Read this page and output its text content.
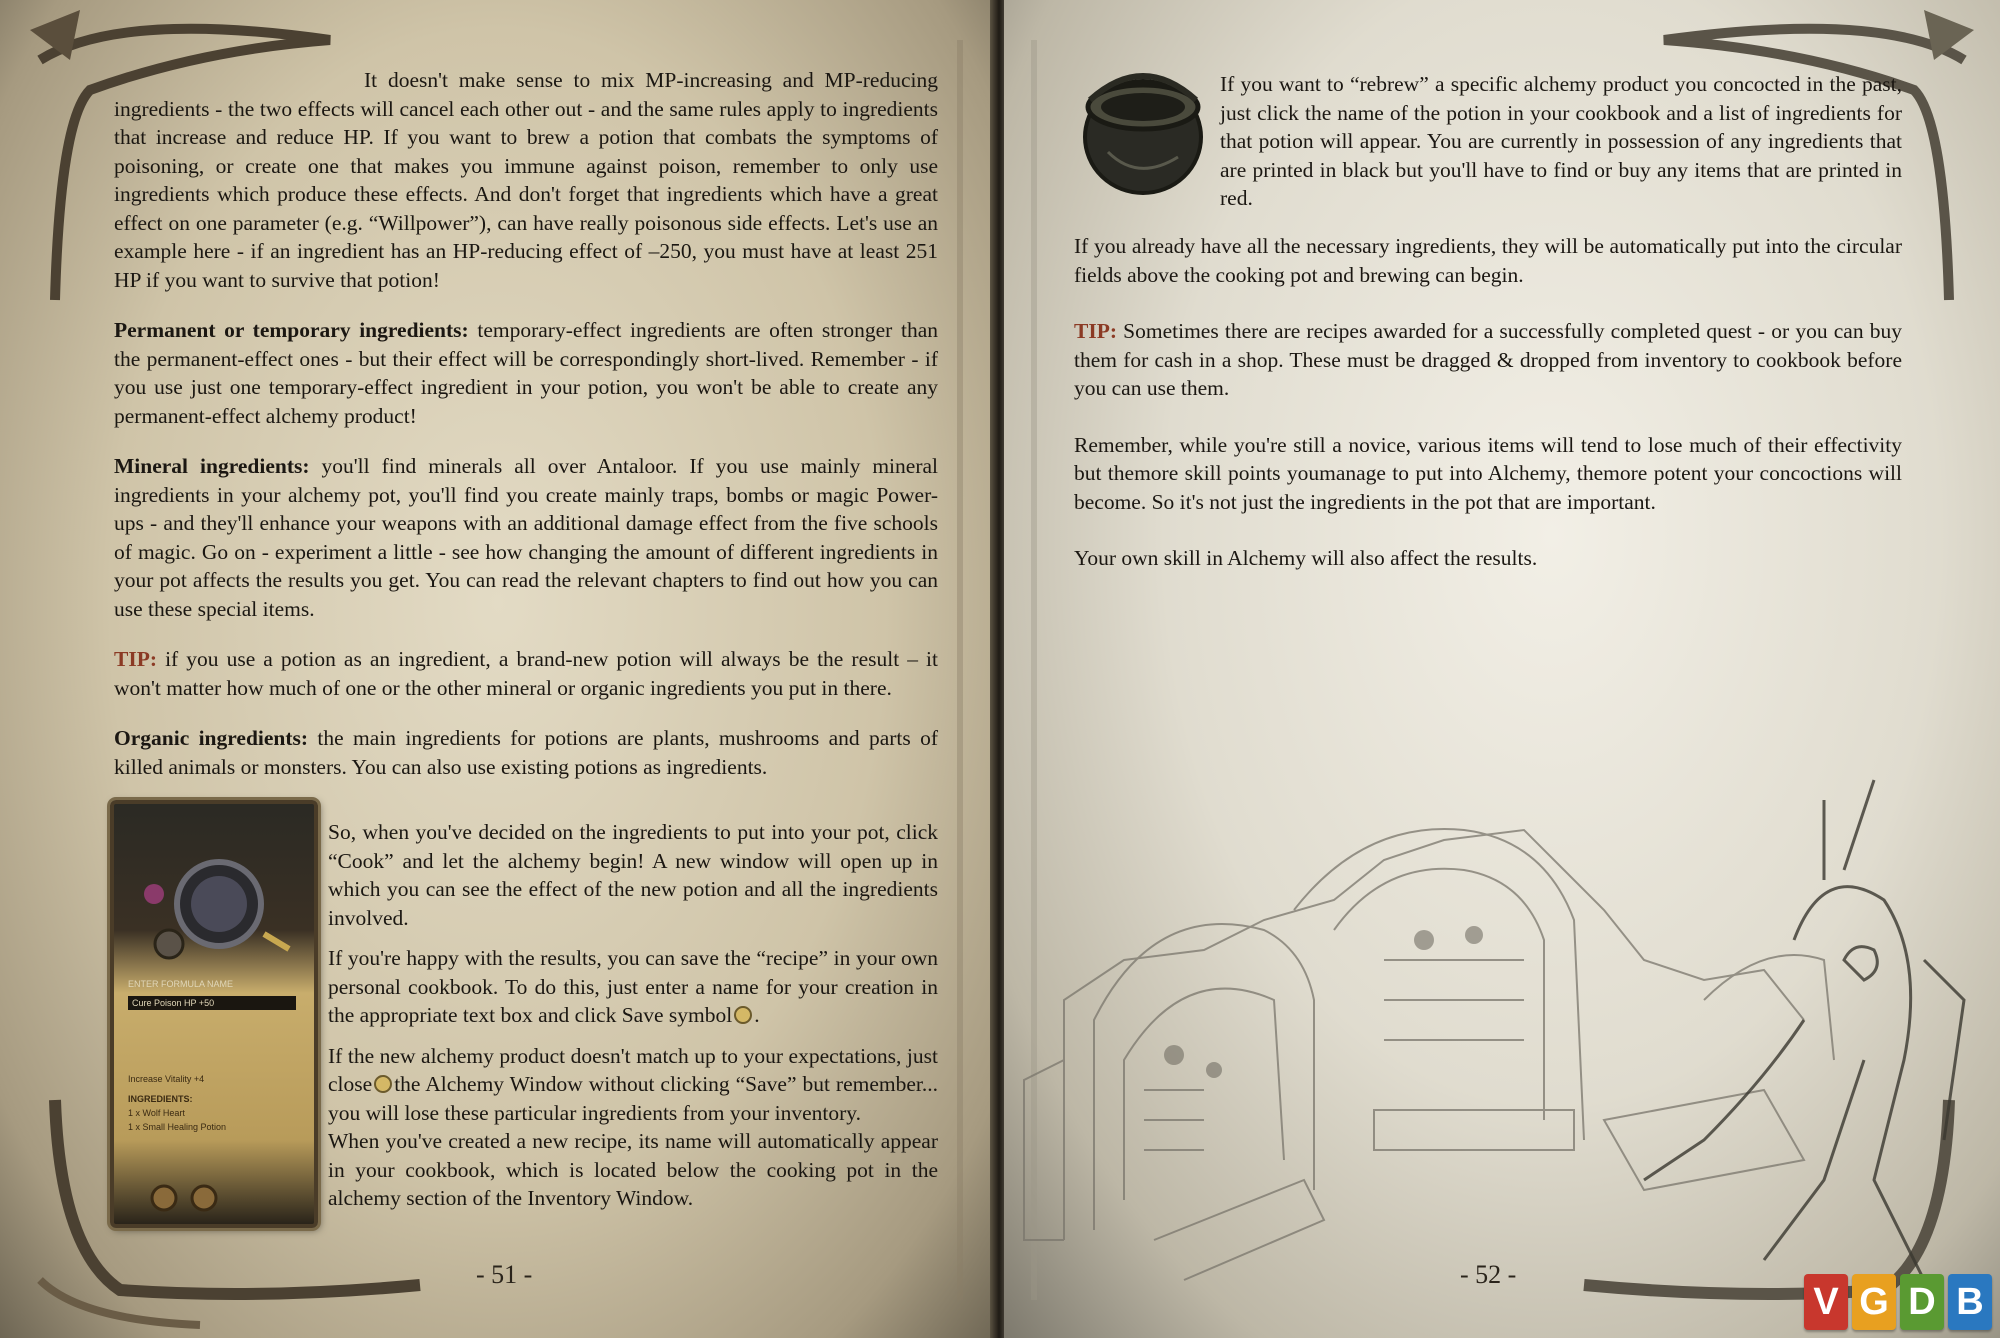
It doesn't make sense to mix MP-increasing and MP-reducing ingredients - the two effects will cancel each other out - and the same rules apply to ingredients that increase and reduce HP. If you want to brew a potion that combats the symptoms of poisoning, or create one that makes you immune against poison, remember to only use ingredients which produce these effects. And don't forget that ingredients which have a great effect on one parameter (e.g. “Willpower”), can have really poisonous side effects. Let's use an example here - if an ingredient has an HP-reducing effect of –250, you must have at least 251 HP if you want to survive that potion!

Permanent or temporary ingredients: temporary-effect ingredients are often stronger than the permanent-effect ones - but their effect will be correspondingly short-lived. Remember - if you use just one temporary-effect ingredient in your potion, you won't be able to create any permanent-effect alchemy product!

Mineral ingredients: you'll find minerals all over Antaloor. If you use mainly mineral ingredients in your alchemy pot, you'll find you create mainly traps, bombs or magic Power-ups - and they'll enhance your weapons with an additional damage effect from the five schools of magic. Go on - experiment a little - see how changing the amount of different ingredients in your pot affects the results you get. You can read the relevant chapters to find out how you can use these special items.

TIP: if you use a potion as an ingredient, a brand-new potion will always be the result – it won't matter how much of one or the other mineral or organic ingredients you put in there.

Organic ingredients: the main ingredients for potions are plants, mushrooms and parts of killed animals or monsters. You can also use existing potions as ingredients.

ENTER FORMULA NAME
Cure Poison HP +50
Increase Vitality +4
INGREDIENTS:
1 x Wolf Heart
1 x Small Healing Potion

So, when you've decided on the ingredients to put into your pot, click “Cook” and let the alchemy begin! A new window will open up in which you can see the effect of the new potion and all the ingredients involved.

If you're happy with the results, you can save the “recipe” in your own personal cookbook. To do this, just enter a name for your creation in the appropriate text box and click Save symbol .

If the new alchemy product doesn't match up to your expectations, just close the Alchemy Window without clicking “Save” but remember... you will lose these particular ingredients from your inventory.

When you've created a new recipe, its name will automatically appear in your cookbook, which is located below the cooking pot in the alchemy section of the Inventory Window.

- 51 -

If you want to “rebrew” a specific alchemy product you concocted in the past, just click the name of the potion in your cookbook and a list of ingredients for that potion will appear. You are currently in possession of any ingredients that are printed in black but you'll have to find or buy any items that are printed in red.

If you already have all the necessary ingredients, they will be automatically put into the circular fields above the cooking pot and brewing can begin.

TIP: Sometimes there are recipes awarded for a successfully completed quest - or you can buy them for cash in a shop. These must be dragged & dropped from inventory to cookbook before you can use them.

Remember, while you're still a novice, various items will tend to lose much of their effectivity but themore skill points youmanage to put into Alchemy, themore potent your concoctions will become. So it's not just the ingredients in the pot that are important.

Your own skill in Alchemy will also affect the results.

- 52 -
V G D B
